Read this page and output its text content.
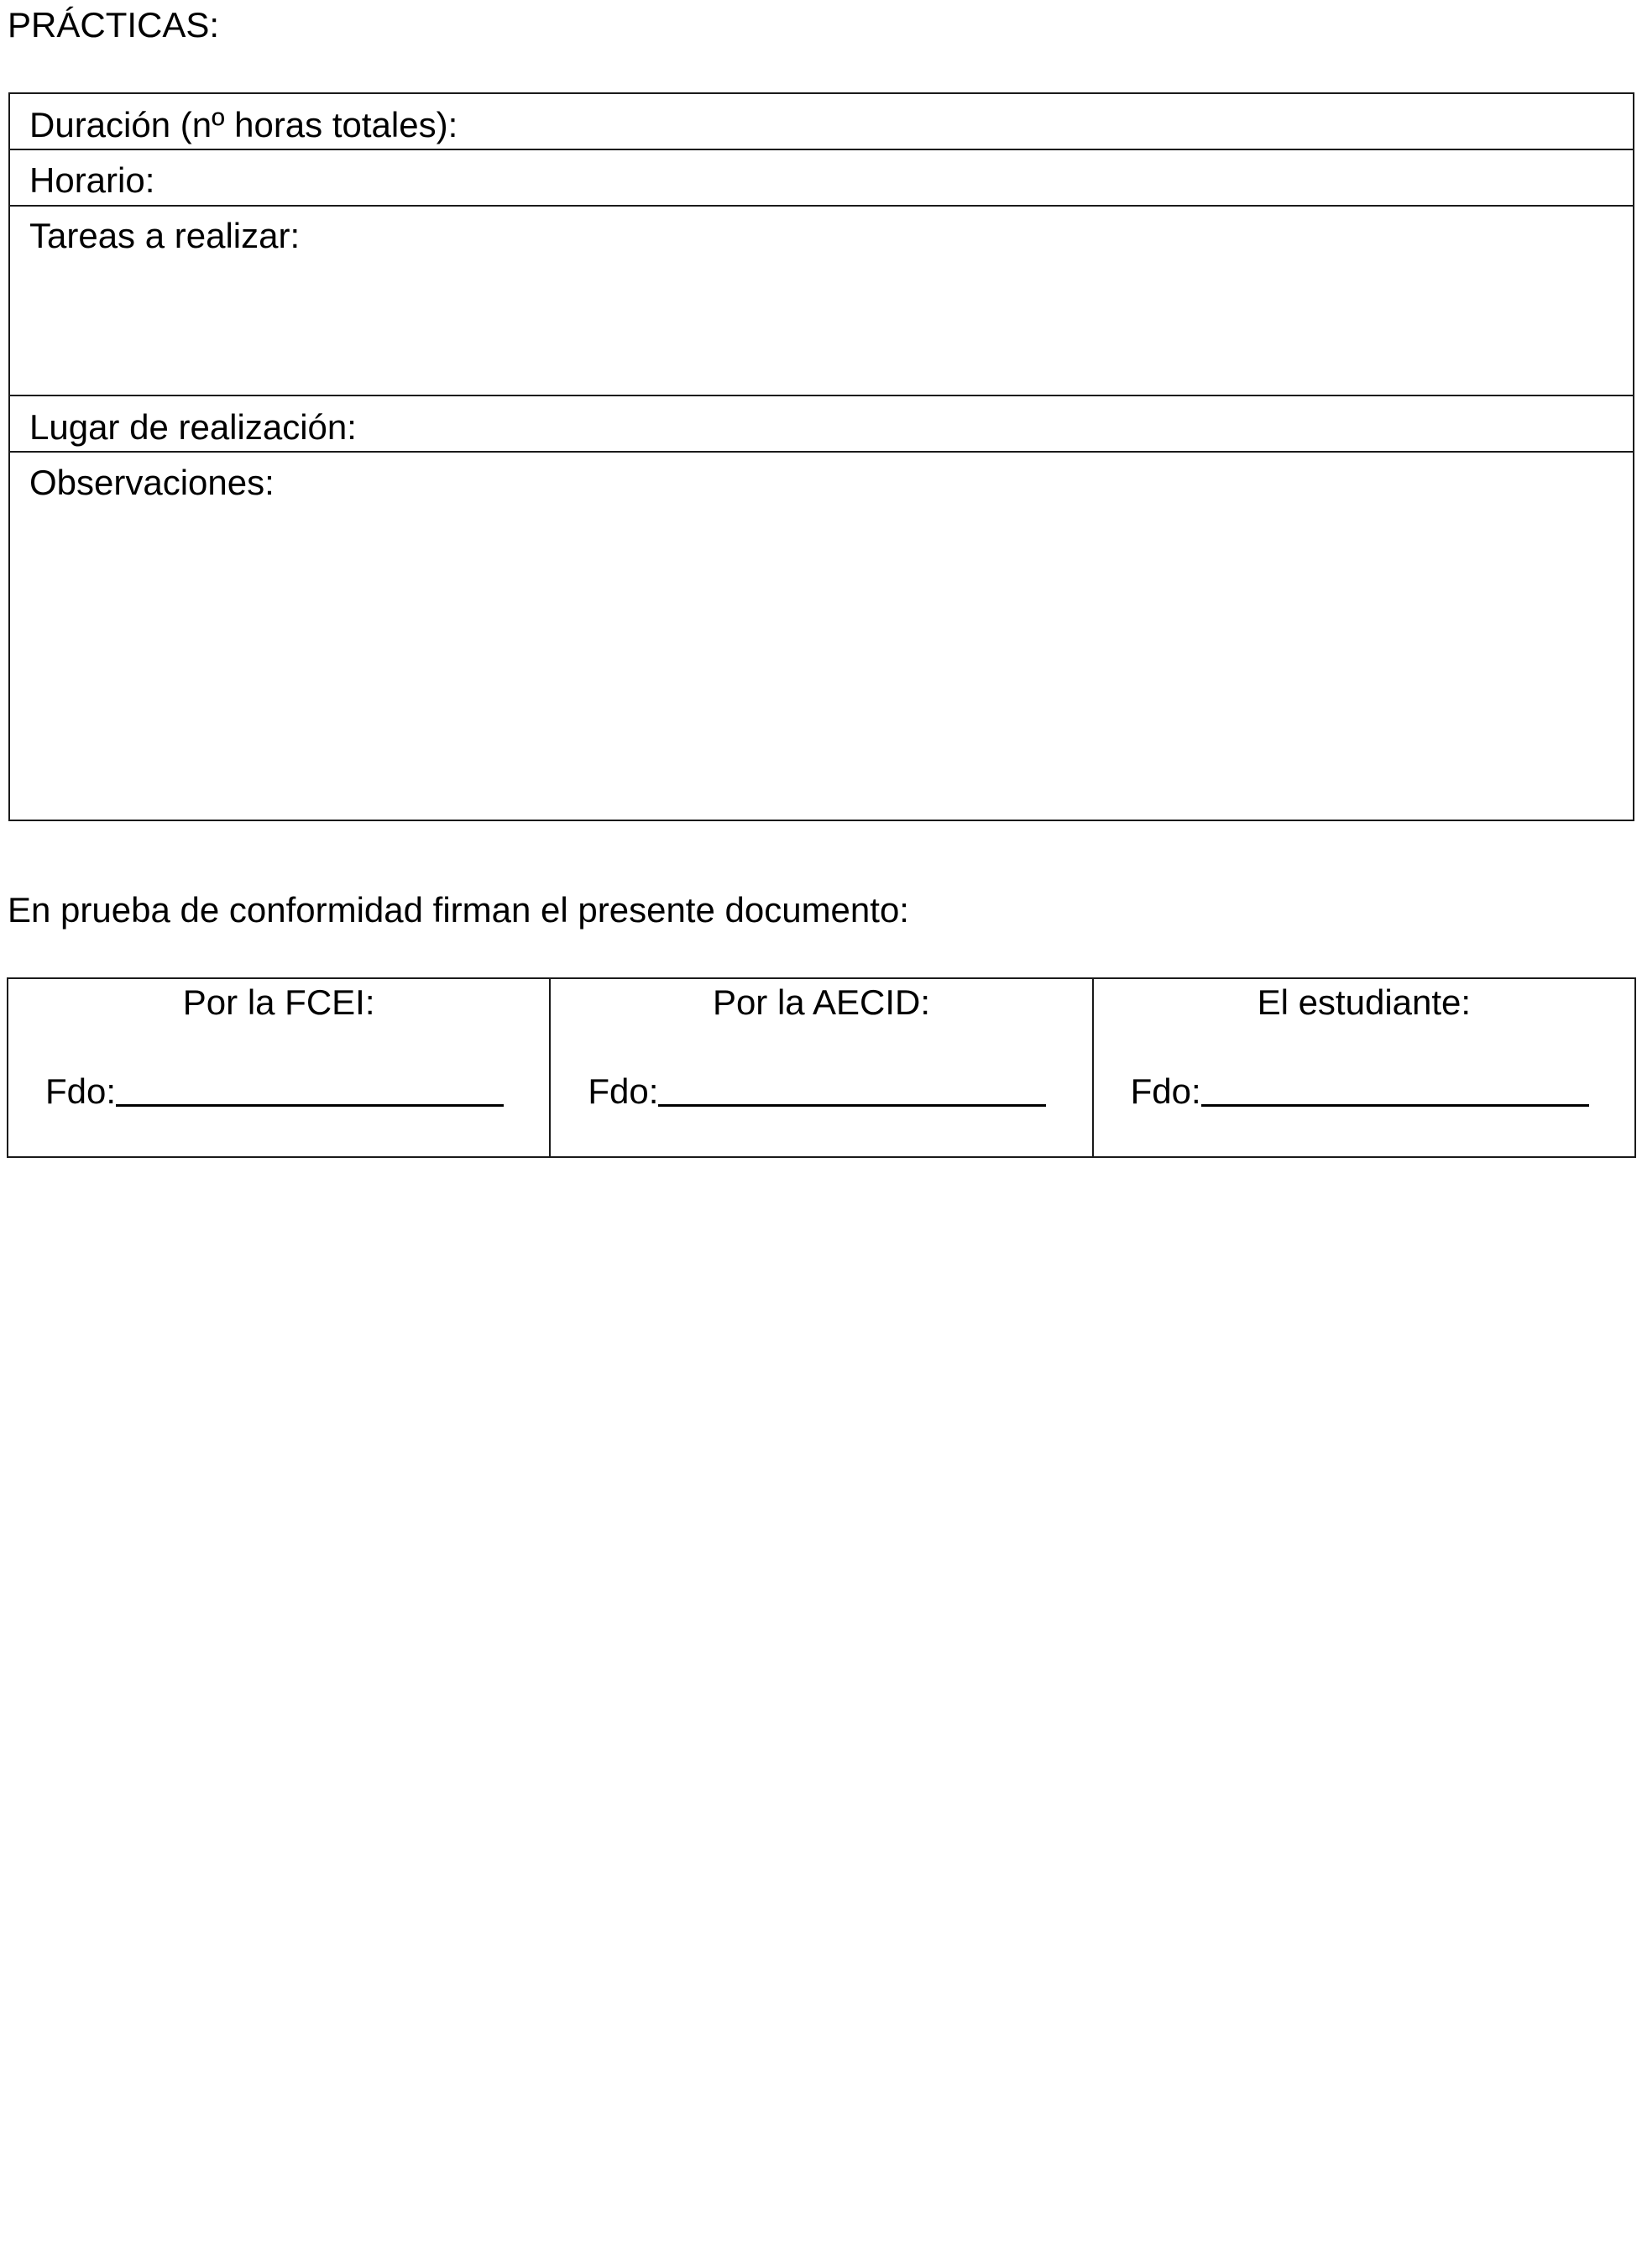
PRÁCTICAS:
Duración (nº horas totales):
Horario:
Tareas a realizar:
Lugar de realización:
Observaciones:
En prueba de conformidad firman el presente documento:
Por la FCEI:
Fdo:
Por la AECID:
Fdo:
El estudiante:
Fdo:
